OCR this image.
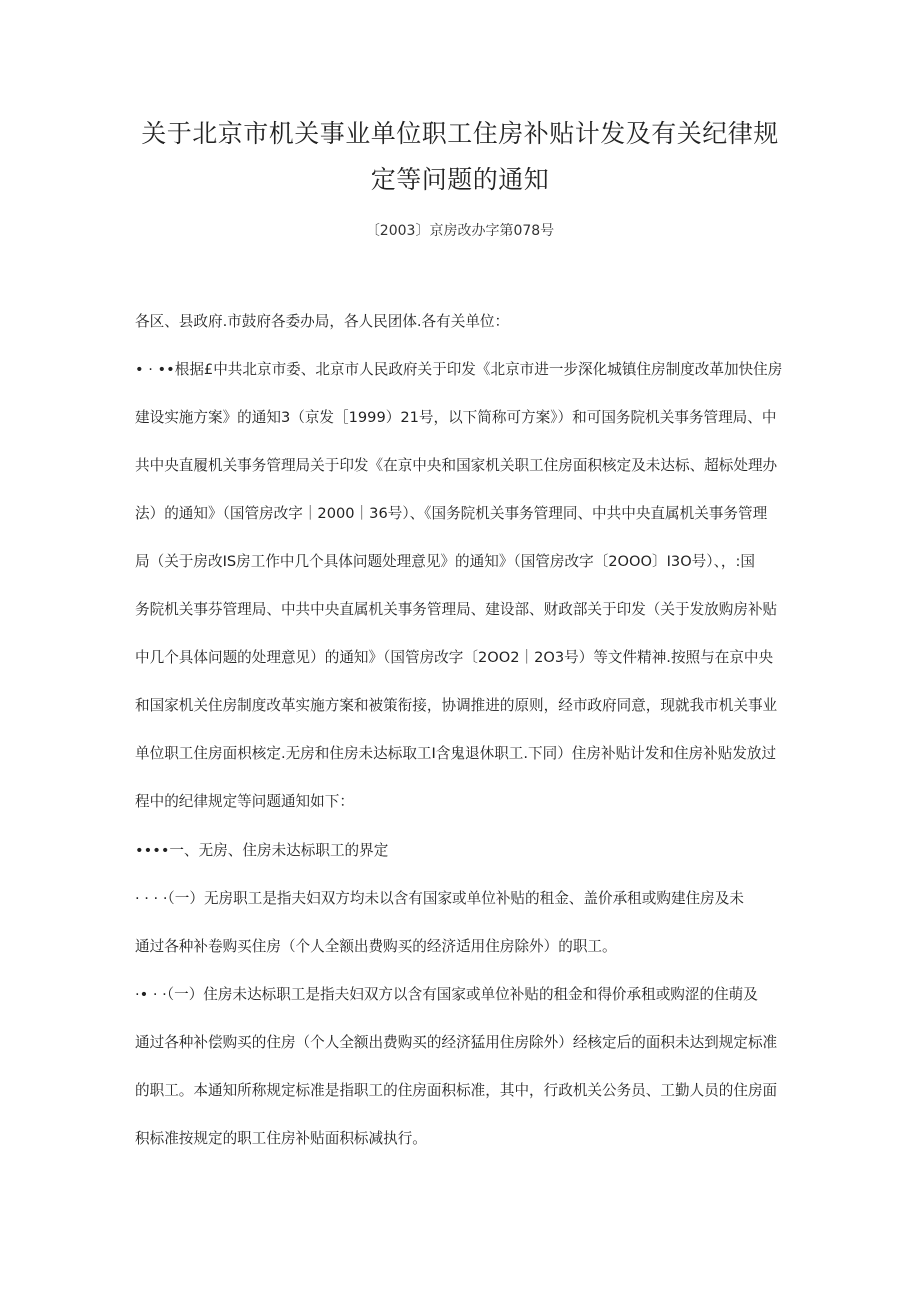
关于北京市机关事业单位职工住房补贴计发及有关纪律规
定等问题的通知
〔2003〕京房改办字第078号
各区、县政府.市鼓府各委办局，各人民团体.各有关单位：
• · ••根据£中共北京市委、北京市人民政府关于印发《北京市进一步深化城镇住房制度改革加快住房
建设实施方案》的通知3（京发［1999）21号，以下简称可方案》）和可国务院机关事务管理局、中
共中央直履机关事务管理局关于印发《在京中央和国家机关职工住房面积核定及未达标、超标处理办
法）的通知》（国管房改字｜2000｜36号）、《国务院机关事务管理同、中共中央直属机关事务管理
局（关于房改IS房工作中几个具体问题处理意见》的通知》（国管房改字〔2OOO〕I3O号）、，:国
务院机关事芬管理局、中共中央直属机关事务管理局、建设部、财政部关于印发（关于发放购房补贴
中几个具体问题的处理意见）的通知》（国管房改字〔2OO2｜2O3号）等文件精神.按照与在京中央
和国家机关住房制度改革实施方案和被策衔接，协调推进的原则，经市政府同意，现就我市机关事业
单位职工住房面枳核定.无房和住房未达标取工I含鬼退休职工.下同）住房补贴计发和住房补贴发放过
程中的纪律规定等问题通知如下：
••••一、无房、住房未达标职工的界定
· · · ·（一）无房职工是指夫妇双方均未以含有国家或单位补贴的租金、盖价承租或购建住房及未
通过各种补卷购买住房（个人全额出费购买的经济适用住房除外）的职工。
·• · ·（一）住房未达标职工是指夫妇双方以含有国家或单位补贴的租金和得价承租或购涩的住萌及
通过各种补偿购买的住房（个人全额出费购买的经济猛用住房除外）经核定后的面积未达到规定标准
的职工。本通知所称规定标准是指职工的住房面积标准，其中，行政机关公务员、工勤人员的住房面
积标准按规定的职工住房补贴面积标减执行。
